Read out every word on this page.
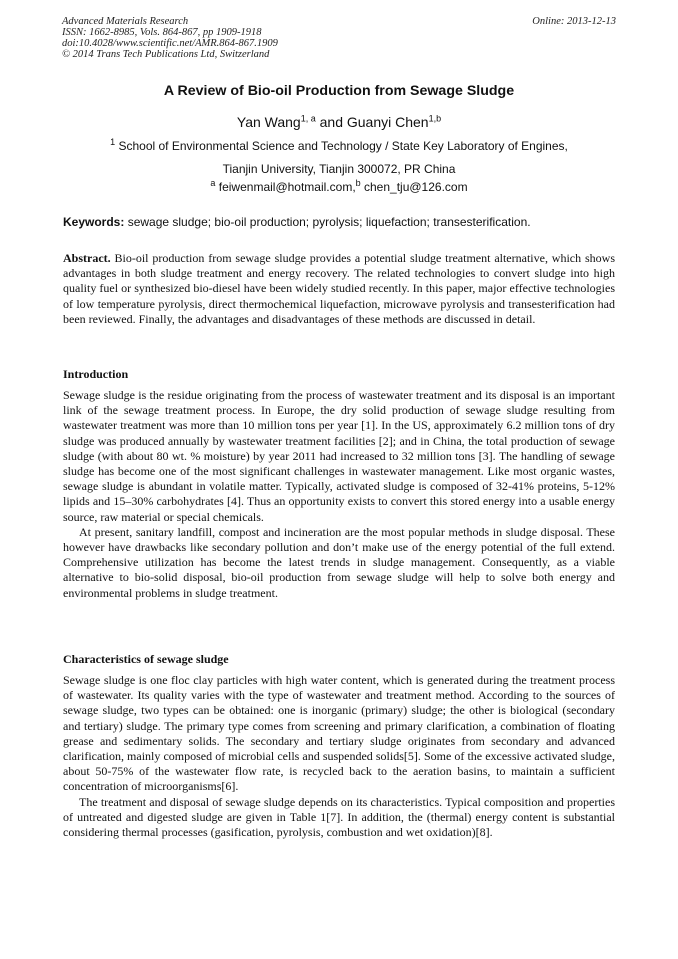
Advanced Materials Research
ISSN: 1662-8985, Vols. 864-867, pp 1909-1918
doi:10.4028/www.scientific.net/AMR.864-867.1909
© 2014 Trans Tech Publications Ltd, Switzerland
Online: 2013-12-13
A Review of Bio-oil Production from Sewage Sludge
Yan Wang$^{1, a}$ and Guanyi Chen$^{1,b}$
$^1$ School of Environmental Science and Technology / State Key Laboratory of Engines,
Tianjin University, Tianjin 300072, PR China
$^a$ feiwenmail@hotmail.com,$^b$ chen_tju@126.com
Keywords: sewage sludge; bio-oil production; pyrolysis; liquefaction; transesterification.

Abstract. Bio-oil production from sewage sludge provides a potential sludge treatment alternative, which shows advantages in both sludge treatment and energy recovery. The related technologies to convert sludge into high quality fuel or synthesized bio-diesel have been widely studied recently. In this paper, major effective technologies of low temperature pyrolysis, direct thermochemical liquefaction, microwave pyrolysis and transesterification had been reviewed. Finally, the advantages and disadvantages of these methods are discussed in detail.

Introduction

Sewage sludge is the residue originating from the process of wastewater treatment and its disposal is an important link of the sewage treatment process. In Europe, the dry solid production of sewage sludge resulting from wastewater treatment was more than 10 million tons per year [1]. In the US, approximately 6.2 million tons of dry sludge was produced annually by wastewater treatment facilities [2]; and in China, the total production of sewage sludge (with about 80 wt. % moisture) by year 2011 had increased to 32 million tons [3]. The handling of sewage sludge has become one of the most significant challenges in wastewater management. Like most organic wastes, sewage sludge is abundant in volatile matter. Typically, activated sludge is composed of 32-41% proteins, 5-12% lipids and 15–30% carbohydrates [4]. Thus an opportunity exists to convert this stored energy into a usable energy source, raw material or special chemicals.

At present, sanitary landfill, compost and incineration are the most popular methods in sludge disposal. These however have drawbacks like secondary pollution and don’t make use of the energy potential of the full extend. Comprehensive utilization has become the latest trends in sludge management. Consequently, as a viable alternative to bio-solid disposal, bio-oil production from sewage sludge will help to solve both energy and environmental problems in sludge treatment.

Characteristics of sewage sludge

Sewage sludge is one floc clay particles with high water content, which is generated during the treatment process of wastewater. Its quality varies with the type of wastewater and treatment method. According to the sources of sewage sludge, two types can be obtained: one is inorganic (primary) sludge; the other is biological (secondary and tertiary) sludge. The primary type comes from screening and primary clarification, a combination of floating grease and sedimentary solids. The secondary and tertiary sludge originates from secondary and advanced clarification, mainly composed of microbial cells and suspended solids[5]. Some of the excessive activated sludge, about 50-75% of the wastewater flow rate, is recycled back to the aeration basins, to maintain a sufficient concentration of microorganisms[6].

The treatment and disposal of sewage sludge depends on its characteristics. Typical composition and properties of untreated and digested sludge are given in Table 1[7]. In addition, the (thermal) energy content is substantial considering thermal processes (gasification, pyrolysis, combustion and wet oxidation)[8].
